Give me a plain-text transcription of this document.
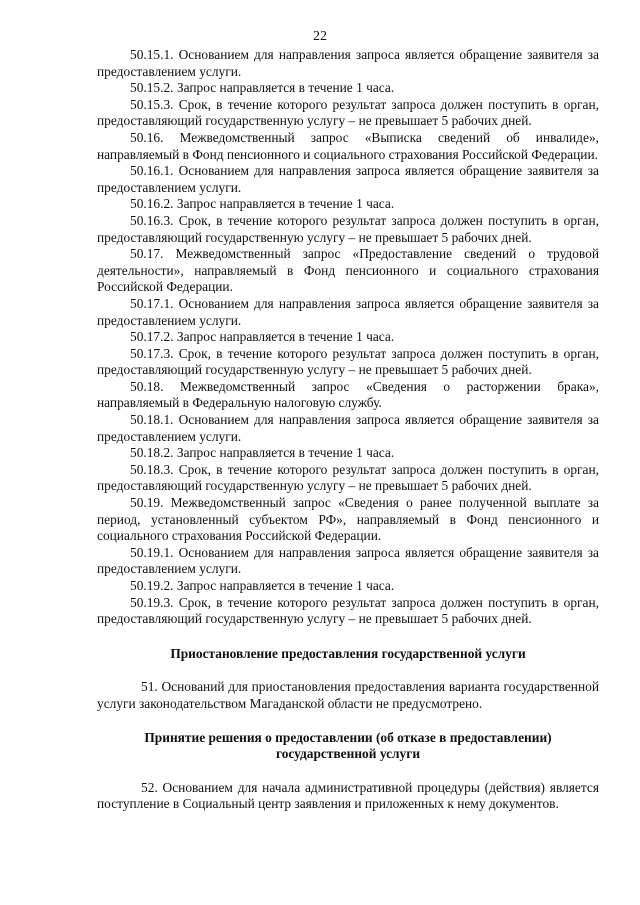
22

50.15.1. Основанием для направления запроса является обращение заявителя за предоставлением услуги.

50.15.2. Запрос направляется в течение 1 часа.

50.15.3. Срок, в течение которого результат запроса должен поступить в орган, предоставляющий государственную услугу – не превышает 5 рабочих дней.

50.16. Межведомственный запрос «Выписка сведений об инвалиде», направляемый в Фонд пенсионного и социального страхования Российской Федерации.

50.16.1. Основанием для направления запроса является обращение заявителя за предоставлением услуги.

50.16.2. Запрос направляется в течение 1 часа.

50.16.3. Срок, в течение которого результат запроса должен поступить в орган, предоставляющий государственную услугу – не превышает 5 рабочих дней.

50.17. Межведомственный запрос «Предоставление сведений о трудовой деятельности», направляемый в Фонд пенсионного и социального страхования Российской Федерации.

50.17.1. Основанием для направления запроса является обращение заявителя за предоставлением услуги.

50.17.2. Запрос направляется в течение 1 часа.

50.17.3. Срок, в течение которого результат запроса должен поступить в орган, предоставляющий государственную услугу – не превышает 5 рабочих дней.

50.18. Межведомственный запрос «Сведения о расторжении брака», направляемый в Федеральную налоговую службу.

50.18.1. Основанием для направления запроса является обращение заявителя за предоставлением услуги.

50.18.2. Запрос направляется в течение 1 часа.

50.18.3. Срок, в течение которого результат запроса должен поступить в орган, предоставляющий государственную услугу – не превышает 5 рабочих дней.

50.19. Межведомственный запрос «Сведения о ранее полученной выплате за период, установленный субъектом РФ», направляемый в Фонд пенсионного и социального страхования Российской Федерации.

50.19.1. Основанием для направления запроса является обращение заявителя за предоставлением услуги.

50.19.2. Запрос направляется в течение 1 часа.

50.19.3. Срок, в течение которого результат запроса должен поступить в орган, предоставляющий государственную услугу – не превышает 5 рабочих дней.

Приостановление предоставления государственной услуги

51. Оснований для приостановления предоставления варианта государственной услуги законодательством Магаданской области не предусмотрено.

Принятие решения о предоставлении (об отказе в предоставлении)

государственной услуги

52. Основанием для начала административной процедуры (действия) является поступление в Социальный центр заявления и приложенных к нему документов.
